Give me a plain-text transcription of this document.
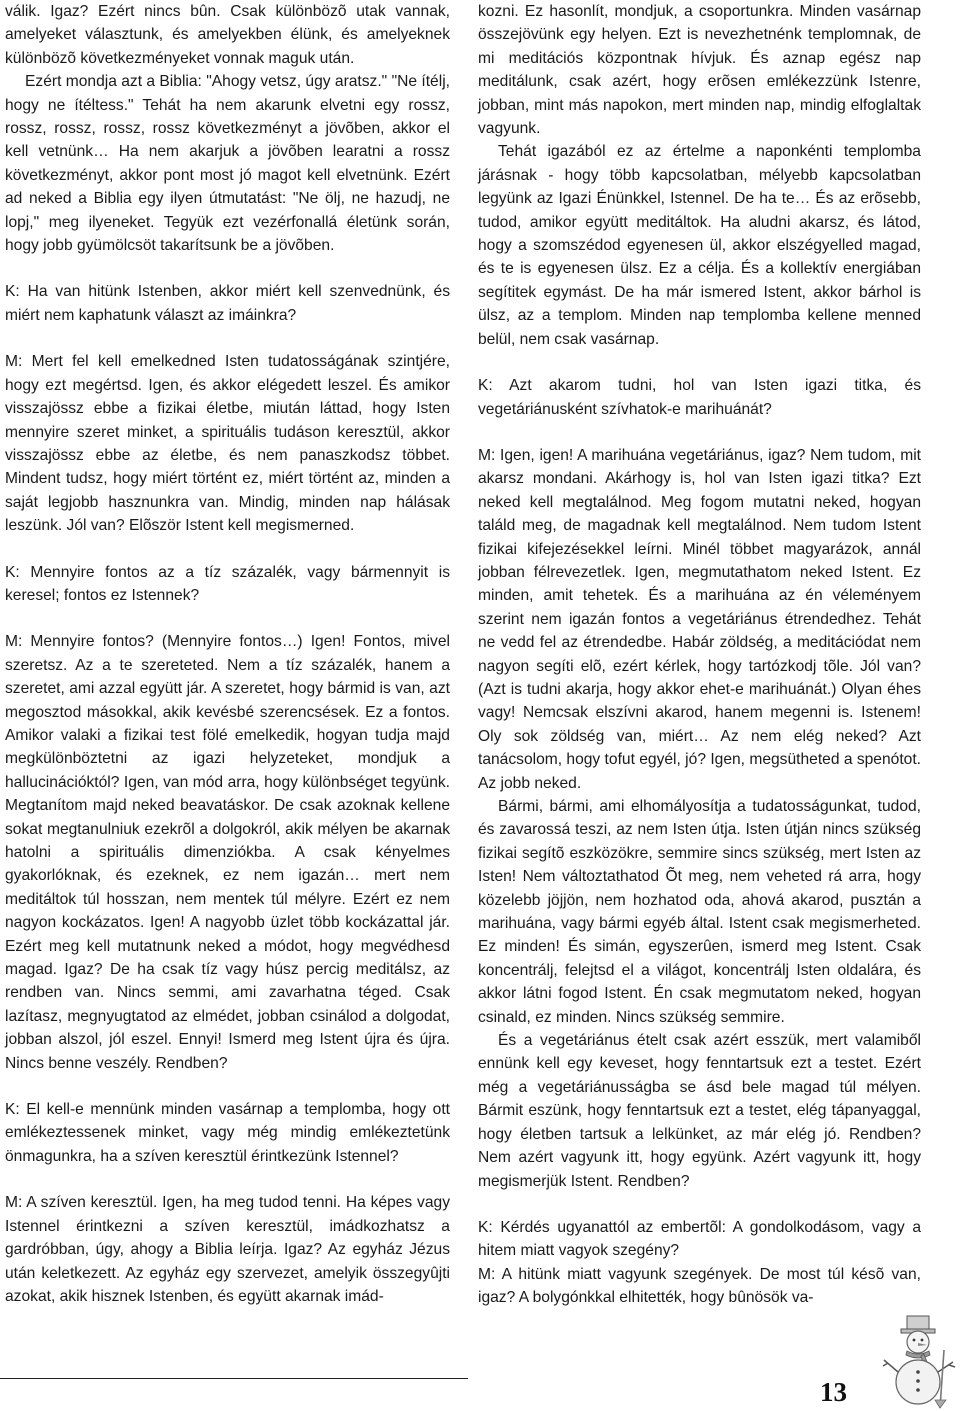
válik. Igaz? Ezért nincs bûn. Csak különbözõ utak vannak, amelyeket választunk, és amelyekben élünk, és amelyeknek különbözõ következményeket vonnak maguk után.

Ezért mondja azt a Biblia: "Ahogy vetsz, úgy aratsz." "Ne ítélj, hogy ne ítéltess." Tehát ha nem akarunk elvetni egy rossz, rossz, rossz, rossz, rossz következményt a jövõben, akkor el kell vetnünk… Ha nem akarjuk a jövõben learatni a rossz következményt, akkor pont most jó magot kell elvetnünk. Ezért ad neked a Biblia egy ilyen útmutatást: "Ne ölj, ne hazudj, ne lopj," meg ilyeneket. Tegyük ezt vezérfonallá életünk során, hogy jobb gyümölcsöt takarítsunk be a jövõben.

K: Ha van hitünk Istenben, akkor miért kell szenvednünk, és miért nem kaphatunk választ az imáinkra?

M: Mert fel kell emelkedned Isten tudatosságának szintjére, hogy ezt megértsd. Igen, és akkor elégedett leszel. És amikor visszajössz ebbe a fizikai életbe, miután láttad, hogy Isten mennyire szeret minket, a spirituális tudáson keresztül, akkor visszajössz ebbe az életbe, és nem panaszkodsz többet. Mindent tudsz, hogy miért történt ez, miért történt az, minden a saját legjobb hasznunkra van. Mindig, minden nap hálásak leszünk. Jól van? Elõször Istent kell megismerned.

K: Mennyire fontos az a tíz százalék, vagy bármennyit is keresel; fontos ez Istennek?

M: Mennyire fontos? (Mennyire fontos…) Igen! Fontos, mivel szeretsz. Az a te szereteted. Nem a tíz százalék, hanem a szeretet, ami azzal együtt jár. A szeretet, hogy bármid is van, azt megosztod másokkal, akik kevésbé szerencsések. Ez a fontos. Amikor valaki a fizikai test fölé emelkedik, hogyan tudja majd megkülönböztetni az igazi helyzeteket, mondjuk a hallucinációktól? Igen, van mód arra, hogy különbséget tegyünk. Megtanítom majd neked beavatáskor. De csak azoknak kellene sokat megtanulniuk ezekrõl a dolgokról, akik mélyen be akarnak hatolni a spirituális dimenziókba. A csak kényelmes gyakorlóknak, és ezeknek, ez nem igazán… mert nem meditáltok túl hosszan, nem mentek túl mélyre. Ezért ez nem nagyon kockázatos. Igen! A nagyobb üzlet több kockázattal jár. Ezért meg kell mutatnunk neked a módot, hogy megvédhesd magad. Igaz? De ha csak tíz vagy húsz percig meditálsz, az rendben van. Nincs semmi, ami zavarhatna téged. Csak lazítasz, megnyugtatod az elmédet, jobban csinálod a dolgodat, jobban alszol, jól eszel. Ennyi! Ismerd meg Istent újra és újra. Nincs benne veszély. Rendben?

K: El kell-e mennünk minden vasárnap a templomba, hogy ott emlékeztessenek minket, vagy még mindig emlékeztetünk önmagunkra, ha a szíven keresztül érintkezünk Istennel?

M: A szíven keresztül. Igen, ha meg tudod tenni. Ha képes vagy Istennel érintkezni a szíven keresztül, imádkozhatsz a gardróbban, úgy, ahogy a Biblia leírja. Igaz? Az egyház Jézus után keletkezett. Az egyház egy szervezet, amelyik összegyûjti azokat, akik hisznek Istenben, és együtt akarnak imád-

kozni. Ez hasonlít, mondjuk, a csoportunkra. Minden vasárnap összejövünk egy helyen. Ezt is nevezhetnénk templomnak, de mi meditációs központnak hívjuk. És aznap egész nap meditálunk, csak azért, hogy erõsen emlékezzünk Istenre, jobban, mint más napokon, mert minden nap, mindig elfoglaltak vagyunk.

Tehát igazából ez az értelme a naponkénti templomba járásnak - hogy több kapcsolatban, mélyebb kapcsolatban legyünk az Igazi Énünkkel, Istennel. De ha te… És az erõsebb, tudod, amikor együtt meditáltok. Ha aludni akarsz, és látod, hogy a szomszédod egyenesen ül, akkor elszégyelled magad, és te is egyenesen ülsz. Ez a célja. És a kollektív energiában segítitek egymást. De ha már ismered Istent, akkor bárhol is ülsz, az a templom. Minden nap templomba kellene menned belül, nem csak vasárnap.

K: Azt akarom tudni, hol van Isten igazi titka, és vegetáriánusként szívhatok-e marihuánát?

M: Igen, igen! A marihuána vegetáriánus, igaz? Nem tudom, mit akarsz mondani. Akárhogy is, hol van Isten igazi titka? Ezt neked kell megtalálnod. Meg fogom mutatni neked, hogyan találd meg, de magadnak kell megtalálnod. Nem tudom Istent fizikai kifejezésekkel leírni. Minél többet magyarázok, annál jobban félrevezetlek. Igen, megmutathatom neked Istent. Ez minden, amit tehetek. És a marihuána az én véleményem szerint nem igazán fontos a vegetáriánus étrendedhez. Tehát ne vedd fel az étrendedbe. Habár zöldség, a meditációdat nem nagyon segíti elõ, ezért kérlek, hogy tartózkodj tõle. Jól van? (Azt is tudni akarja, hogy akkor ehet-e marihuánát.) Olyan éhes vagy! Nemcsak elszívni akarod, hanem megenni is. Istenem! Oly sok zöldség van, miért… Az nem elég neked? Azt tanácsolom, hogy tofut egyél, jó? Igen, megsütheted a spenótot. Az jobb neked.

Bármi, bármi, ami elhomályosítja a tudatosságunkat, tudod, és zavarossá teszi, az nem Isten útja. Isten útján nincs szükség fizikai segítõ eszközökre, semmire sincs szükség, mert Isten az Isten! Nem változtathatod Õt meg, nem veheted rá arra, hogy közelebb jöjjön, nem hozhatod oda, ahová akarod, pusztán a marihuána, vagy bármi egyéb által. Istent csak megismerheted. Ez minden! És simán, egyszerûen, ismerd meg Istent. Csak koncentrálj, felejtsd el a világot, koncentrálj Isten oldalára, és akkor látni fogod Istent. Én csak megmutatom neked, hogyan csinald, ez minden. Nincs szükség semmire.

És a vegetáriánus ételt csak azért esszük, mert valamiből ennünk kell egy keveset, hogy fenntartsuk ezt a testet. Ezért még a vegetáriánusságba se ásd bele magad túl mélyen. Bármit eszünk, hogy fenntartsuk ezt a testet, elég tápanyaggal, hogy életben tartsuk a lelkünket, az már elég jó. Rendben? Nem azért vagyunk itt, hogy együnk. Azért vagyunk itt, hogy megismerjük Istent. Rendben?

K: Kérdés ugyanattól az embertõl: A gondolkodásom, vagy a hitem miatt vagyok szegény?

M: A hitünk miatt vagyunk szegények. De most túl késõ van, igaz? A bolygónkkal elhitették, hogy bûnösök va-

13
